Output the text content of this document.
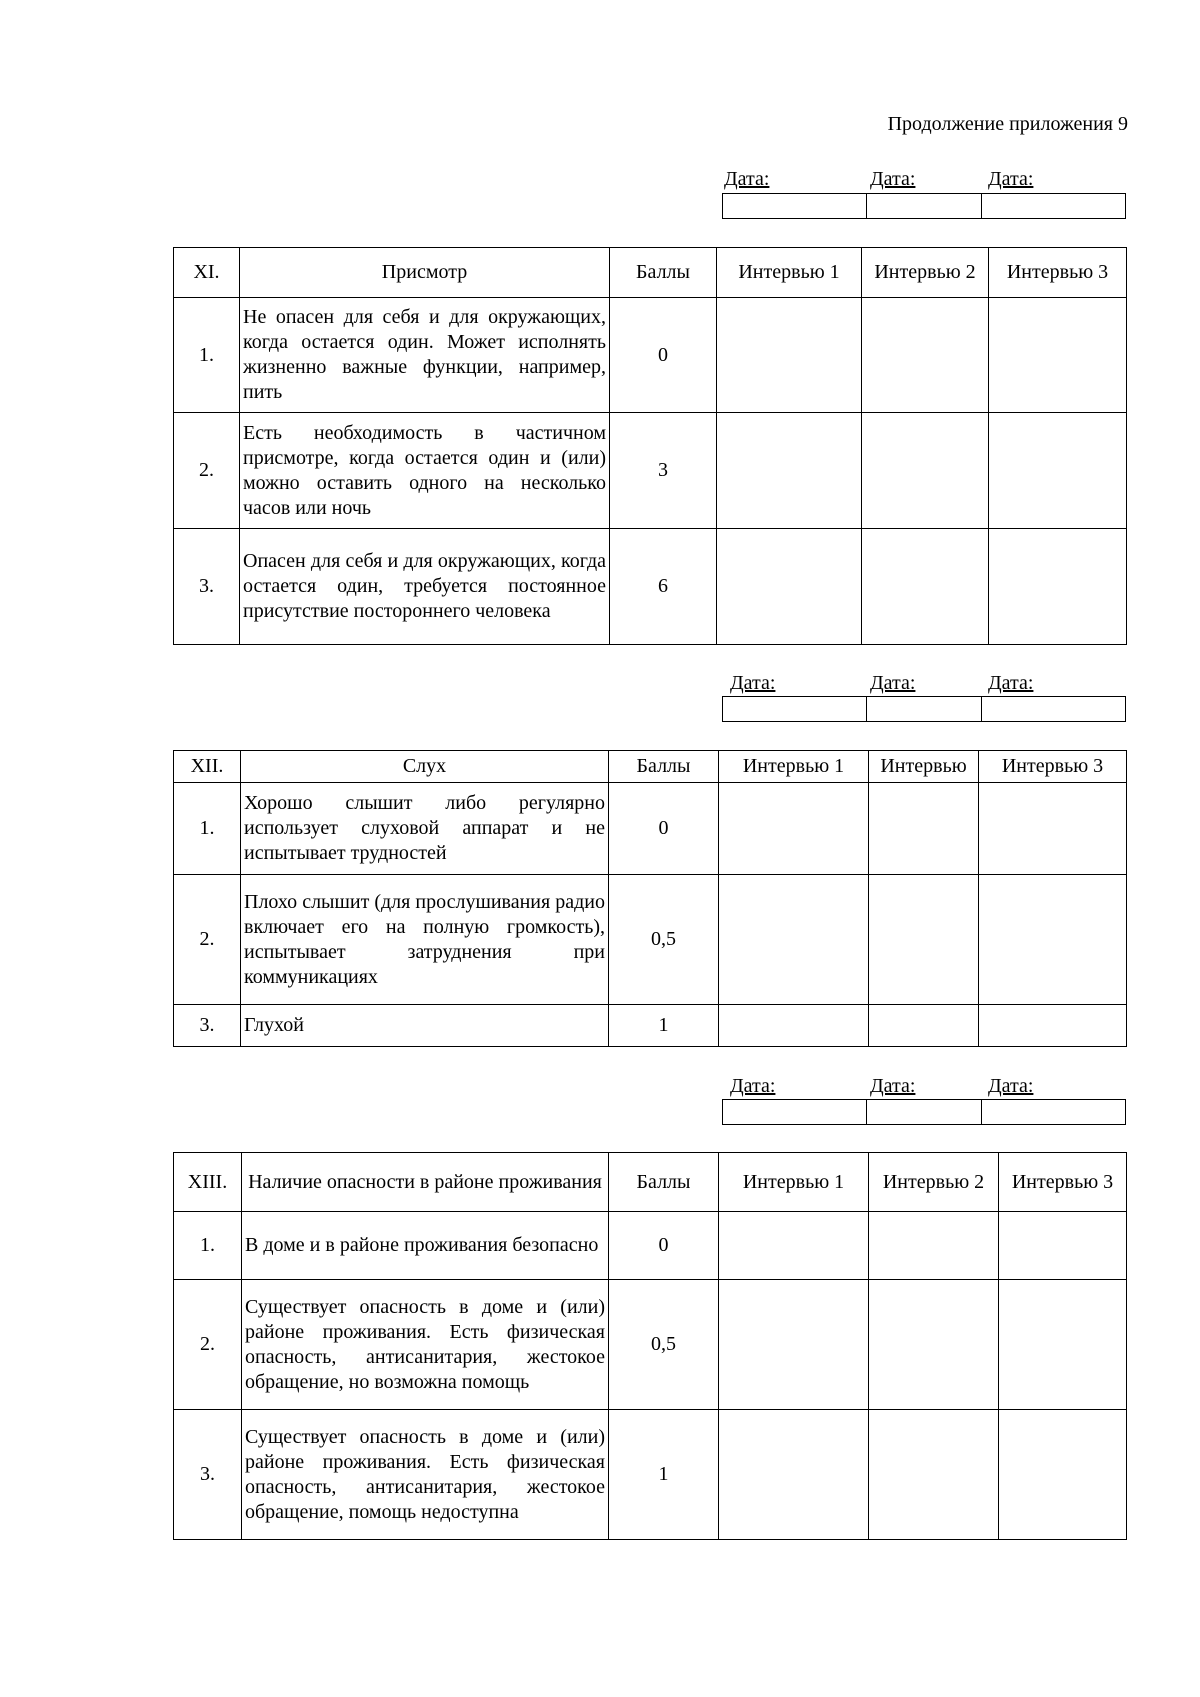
Продолжение приложения 9
Дата:	Дата:	Дата:
XI.	Присмотр	Баллы	Интервью 1	Интервью 2	Интервью 3
1.	Не опасен для себя и для окружающих, когда остается один. Может исполнять жизненно важные функции, например, пить	0			
2.	Есть необходимость в частичном присмотре, когда остается один и (или) можно оставить одного на несколько часов или ночь	3			
3.	Опасен для себя и для окружающих, когда остается один, требуется постоянное присутствие постороннего человека	6			
Дата:	Дата:	Дата:
XII.	Слух	Баллы	Интервью 1	Интервью	Интервью 3
1.	Хорошо слышит либо регулярно использует слуховой аппарат и не испытывает трудностей	0			
2.	Плохо слышит (для прослушивания радио включает его на полную громкость), испытывает затруднения при коммуникациях	0,5			
3.	Глухой	1			
Дата:	Дата:	Дата:
XIII.	Наличие опасности в районе проживания	Баллы	Интервью 1	Интервью 2	Интервью 3
1.	В доме и в районе проживания безопасно	0			
2.	Существует опасность в доме и (или) районе проживания. Есть физическая опасность, антисанитария, жестокое обращение, но возможна помощь	0,5			
3.	Существует опасность в доме и (или) районе проживания. Есть физическая опасность, антисанитария, жестокое обращение, помощь недоступна	1			
